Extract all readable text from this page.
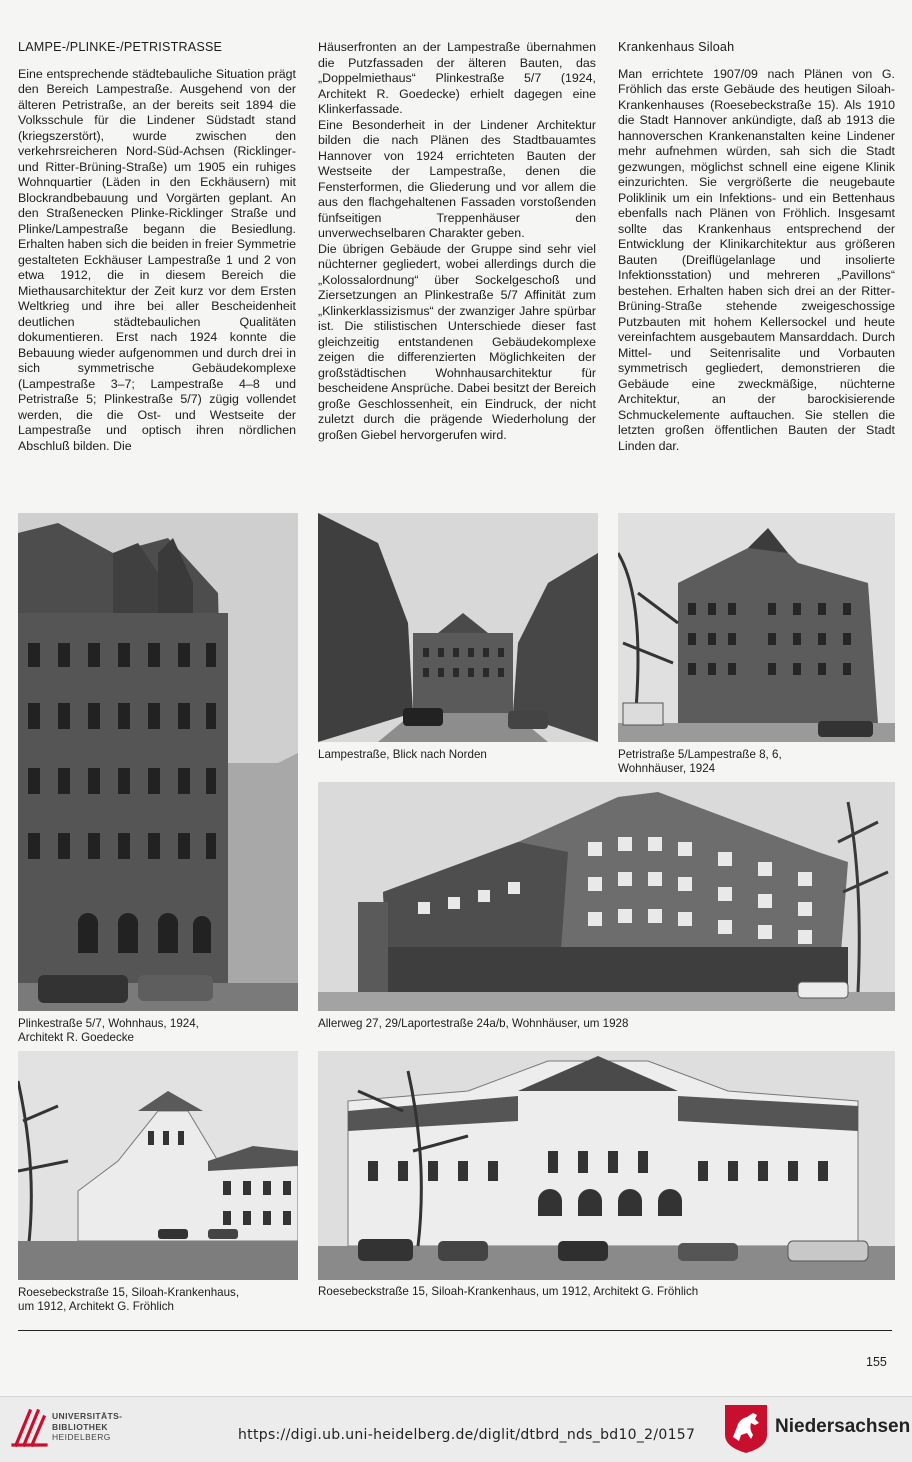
LAMPE-/PLINKE-/PETRISTRASSE

Eine entsprechende städtebauliche Situation prägt den Bereich Lampestraße. Ausgehend von der älteren Petristraße, an der bereits seit 1894 die Volksschule für die Lindener Südstadt stand (kriegszerstört), wurde zwischen den verkehrsreicheren Nord-Süd-Achsen (Ricklinger- und Ritter-Brüning-Straße) um 1905 ein ruhiges Wohnquartier (Läden in den Eckhäusern) mit Blockrandbebauung und Vorgärten geplant. An den Straßenecken Plinke-Ricklinger Straße und Plinke/Lampestraße begann die Besiedlung. Erhalten haben sich die beiden in freier Symmetrie gestalteten Eckhäuser Lampestraße 1 und 2 von etwa 1912, die in diesem Bereich die Miethausarchitektur der Zeit kurz vor dem Ersten Weltkrieg und ihre bei aller Bescheidenheit deutlichen städtebaulichen Qualitäten dokumentieren. Erst nach 1924 konnte die Bebauung wieder aufgenommen und durch drei in sich symmetrische Gebäudekomplexe (Lampestraße 3–7; Lampestraße 4–8 und Petristraße 5; Plinkestraße 5/7) zügig vollendet werden, die die Ost- und Westseite der Lampestraße und optisch ihren nördlichen Abschluß bilden. Die

Häuserfronten an der Lampestraße übernahmen die Putzfassaden der älteren Bauten, das „Doppelmiethaus“ Plinkestraße 5/7 (1924, Architekt R. Goedecke) erhielt dagegen eine Klinkerfassade.

Eine Besonderheit in der Lindener Architektur bilden die nach Plänen des Stadtbauamtes Hannover von 1924 errichteten Bauten der Westseite der Lampestraße, denen die Fensterformen, die Gliederung und vor allem die aus den flachgehaltenen Fassaden vorstoßenden fünfseitigen Treppenhäuser den unverwechselbaren Charakter geben.

Die übrigen Gebäude der Gruppe sind sehr viel nüchterner gegliedert, wobei allerdings durch die „Kolossalordnung“ über Sockelgeschoß und Ziersetzungen an Plinkestraße 5/7 Affinität zum „Klinkerklassizismus“ der zwanziger Jahre spürbar ist. Die stilistischen Unterschiede dieser fast gleichzeitig entstandenen Gebäudekomplexe zeigen die differenzierten Möglichkeiten der großstädtischen Wohnhausarchitektur für bescheidene Ansprüche. Dabei besitzt der Bereich große Geschlossenheit, ein Eindruck, der nicht zuletzt durch die prägende Wiederholung der großen Giebel hervorgerufen wird.

Krankenhaus Siloah

Man errichtete 1907/09 nach Plänen von G. Fröhlich das erste Gebäude des heutigen Siloah-Krankenhauses (Roesebeckstraße 15). Als 1910 die Stadt Hannover ankündigte, daß ab 1913 die hannoverschen Krankenanstalten keine Lindener mehr aufnehmen würden, sah sich die Stadt gezwungen, möglichst schnell eine eigene Klinik einzurichten. Sie vergrößerte die neugebaute Poliklinik um ein Infektions- und ein Bettenhaus ebenfalls nach Plänen von Fröhlich. Insgesamt sollte das Krankenhaus entsprechend der Entwicklung der Klinikarchitektur aus größeren Bauten (Dreiflügelanlage und insolierte Infektionsstation) und mehreren „Pavillons“ bestehen. Erhalten haben sich drei an der Ritter-Brüning-Straße stehende zweigeschossige Putzbauten mit hohem Kellersockel und heute vereinfachtem ausgebautem Mansarddach. Durch Mittel- und Seitenrisalite und Vorbauten symmetrisch gegliedert, demonstrieren die Gebäude eine zweckmäßige, nüchterne Architektur, an der barockisierende Schmuckelemente auftauchen. Sie stellen die letzten großen öffentlichen Bauten der Stadt Linden dar.

Plinkestraße 5/7, Wohnhaus, 1924,
Architekt R. Goedecke
Lampestraße, Blick nach Norden	Petristraße 5/Lampestraße 8, 6,
Wohnhäuser, 1924
Allerweg 27, 29/Laportestraße 24a/b, Wohnhäuser, um 1928
Roesebeckstraße 15, Siloah-Krankenhaus,
um 1912, Architekt G. Fröhlich
Roesebeckstraße 15, Siloah-Krankenhaus, um 1912, Architekt G. Fröhlich
155
UNIVERSITÄTS-
BIBLIOTHEK
HEIDELBERG	https://digi.ub.uni-heidelberg.de/diglit/dtbrd_nds_bd10_2/0157	Niedersachsen
